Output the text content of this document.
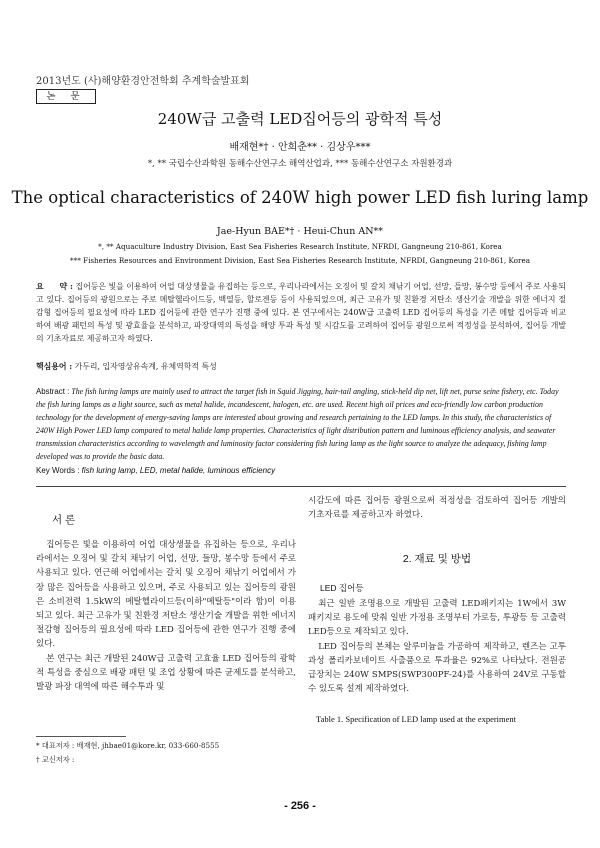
2013년도 (사)해양환경안전학회 추계학술발표회
논 문
240W급 고출력 LED집어등의 광학적 특성
배재현*† · 안희춘** · 김상우***
*, ** 국립수산과학원 동해수산연구소 해역산업과, *** 동해수산연구소 자원환경과
The optical characteristics of 240W high power LED fish luring lamp
Jae-Hyun BAE*† · Heui-Chun AN**
*, ** Aquaculture Industry Division, East Sea Fisheries Research Institute, NFRDI, Gangneung 210-861, Korea
*** Fisheries Resources and Environment Division, East Sea Fisheries Research Institute, NFRDI, Gangneung 210-861, Korea
요　　약 : 집어등은 빛을 이용하여 어업 대상생물을 유집하는 등으로, 우리나라에서는 오징어 및 갈치 채낚기 어업, 선망, 들망, 봉수망 등에서 주로 사용되고 있다. 집어등의 광원으로는 주로 메탈헬라이드등, 백열등, 할로겐등 등이 사용되었으며, 최근 고유가 및 친환경 저탄소 생산기술 개발을 위한 에너지 절감형 집어등의 필요성에 따라 LED 집어등에 관한 연구가 진행 중에 있다. 본 연구에서는 240W급 고출력 LED 집어등의 특성을 기존 메탈 집어등과 비교하여 배광 패턴의 특성 및 광효율을 분석하고, 파장대역의 특성을 해양 투과 특성 및 시감도를 고려하여 집어등 광원으로써 적정성을 분석하여, 집어등 개발의 기초자료로 제공하고자 하였다.
핵심용어 : 가두리, 입자영상유속계, 유체역학적 특성
Abstract : The fish luring lamps are mainly used to attract the target fish in Squid Jigging, hair-tail angling, stick-held dip net, lift net, purse seine fishery, etc. Today the fish luring lamps as a light source, such as metal halide, incandescent, halogen, etc. are used. Recent high oil prices and eco-friendly low carbon production technology for the development of energy-saving lamps are interested about growing and research pertaining to the LED lamps. In this study, the characteristics of 240W High Power LED lamp compared to metal halide lamp properties. Characteristics of light distribution pattern and luminous efficiency analysis, and seawater transmission characteristics according to wavelength and luminosity factor considering fish luring lamp as the light source to analyze the adequacy, fishing lamp developed was to provide the basic data.
Key Words : fish luring lamp, LED, metal halide, luminous efficiency
서 론

집어등은 빛을 이용하여 어업 대상생물을 유집하는 등으로, 우리나라에서는 오징어 및 갈치 채낚기 어업, 선망, 들망, 봉수망 등에서 주로 사용되고 있다. 연근해 어업에서는 갈치 및 오징어 채낚기 어업에서 가장 많은 집어등을 사용하고 있으며, 주로 사용되고 있는 집어등의 광원은 소비전력 1.5kW의 메탈헬라이드등(이하"메탈등"이라 함)이 이용되고 있다. 최근 고유가 및 친환경 저탄소 생산기술 개발을 위한 에너지 절감형 집어등의 필요성에 따라 LED 집어등에 관한 연구가 진행 중에 있다.

본 연구는 최근 개발된 240W급 고출력 고효율 LED 집어등의 광학적 특성을 중심으로 배광 패턴 및 조업 상황에 따른 균제도를 분석하고, 발광 파장 대역에 따른 해수투과 및

시감도에 따른 집어등 광원으로써 적정성을 검토하여 집어등 개발의 기초자료를 제공하고자 하였다.
2. 재료 및 방법
LED 집어등

최근 일반 조명용으로 개발된 고출력 LED패키지는 1W에서 3W 패키지로 용도에 맞춰 일반 가정용 조명부터 가로등, 투광등 등 고출력 LED등으로 제작되고 있다.

LED 집어등의 본체는 알루미늄을 가공하여 제작하고, 렌즈는 고투과성 폴리카보네이트 사출품으로 투과율은 92%로 나타났다. 전원공급장치는 240W SMPS(SWP300PF-24)를 사용하여 24V로 구동할 수 있도록 설계 제작하였다.

Table 1. Specification of LED lamp used at the experiment
* 대표저자 : 배재현, jhbae01@kore.kr, 033-660-8555
† 교신저자 :
- 256 -
